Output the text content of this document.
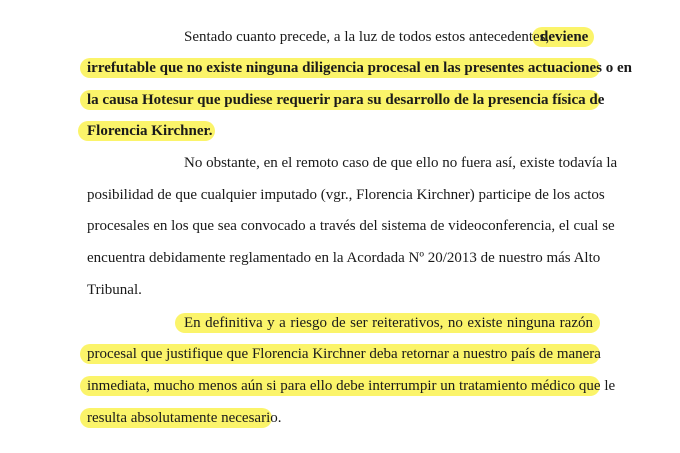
Sentado cuanto precede, a la luz de todos estos antecedentes,
deviene
irrefutable que no existe ninguna diligencia procesal en las presentes actuaciones o en
la causa Hotesur que pudiese requerir para su desarrollo de la presencia física de
Florencia Kirchner.
No obstante, en el remoto caso de que ello no fuera así, existe todavía la
posibilidad de que cualquier imputado (vgr., Florencia Kirchner) participe de los actos
procesales en los que sea convocado a través del sistema de videoconferencia, el cual se
encuentra debidamente reglamentado en la Acordada Nº 20/2013 de nuestro más Alto
Tribunal.
En definitiva y a riesgo de ser reiterativos, no existe ninguna razón
procesal que justifique que Florencia Kirchner deba retornar a nuestro país de manera
inmediata, mucho menos aún si para ello debe interrumpir un tratamiento médico que le
resulta absolutamente necesario.
